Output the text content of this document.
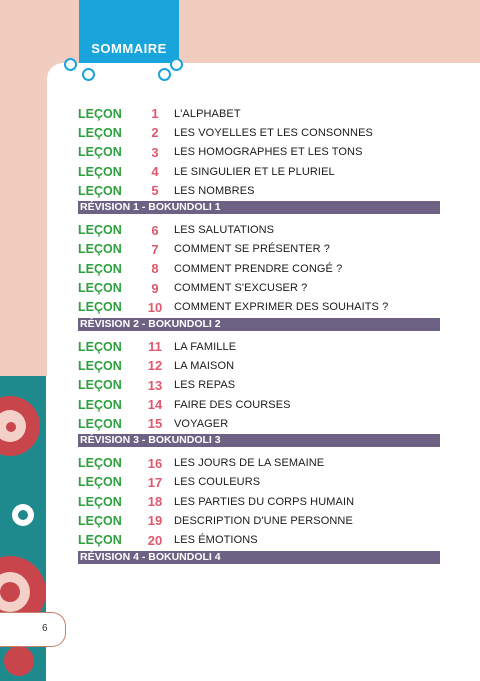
SOMMAIRE
LEÇON	1	L'ALPHABET
LEÇON	2	LES VOYELLES ET LES CONSONNES
LEÇON	3	LES HOMOGRAPHES ET LES TONS
LEÇON	4	LE SINGULIER ET LE PLURIEL
LEÇON	5	LES NOMBRES
RÉVISION 1 - BOKUNDOLI 1
LEÇON	6	LES SALUTATIONS
LEÇON	7	COMMENT SE PRÉSENTER ?
LEÇON	8	COMMENT PRENDRE CONGÉ ?
LEÇON	9	COMMENT S'EXCUSER ?
LEÇON	10	COMMENT EXPRIMER DES SOUHAITS ?
RÉVISION 2 - BOKUNDOLI 2
LEÇON	11	LA FAMILLE
LEÇON	12	LA MAISON
LEÇON	13	LES REPAS
LEÇON	14	FAIRE DES COURSES
LEÇON	15	VOYAGER
RÉVISION 3 - BOKUNDOLI 3
LEÇON	16	LES JOURS DE LA SEMAINE
LEÇON	17	LES COULEURS
LEÇON	18	LES PARTIES DU CORPS HUMAIN
LEÇON	19	DESCRIPTION D'UNE PERSONNE
LEÇON	20	LES ÉMOTIONS
RÉVISION 4 - BOKUNDOLI 4
6
